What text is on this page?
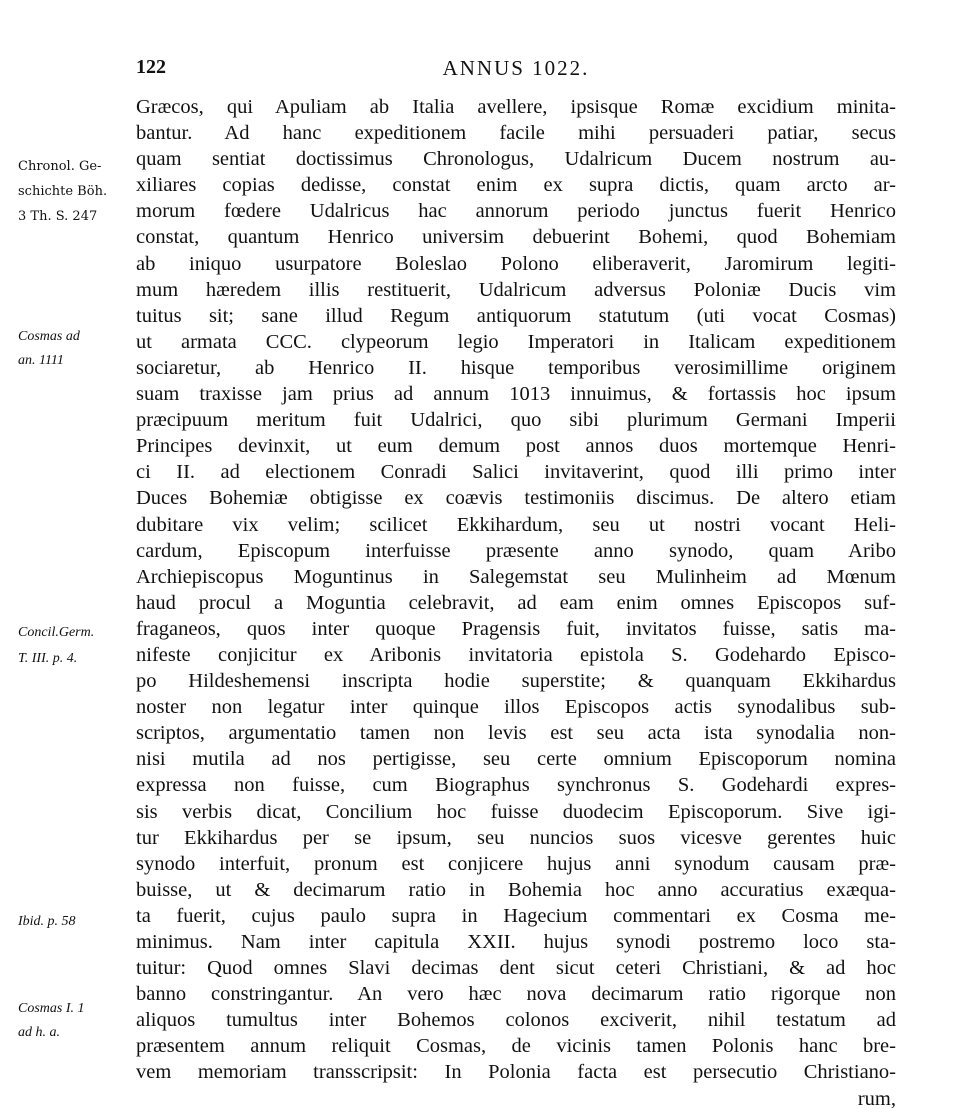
122	ANNUS 1022.
Chronol. Ge-
schichte Böh.
3 Th. S. 247
Cosmas ad
an. 1111
Concil.Germ.
T. III. p. 4.
Ibid. p. 58
Cosmas I. 1
ad h. a.
Græcos, qui Apuliam ab Italia avellere, ipsisque Romæ excidium minita-
bantur. Ad hanc expeditionem facile mihi persuaderi patiar, secus
quam sentiat doctissimus Chronologus, Udalricum Ducem nostrum au-
xiliares copias dedisse, constat enim ex supra dictis, quam arcto ar-
morum fœdere Udalricus hac annorum periodo junctus fuerit Henrico
constat, quantum Henrico universim debuerint Bohemi, quod Bohemiam
ab iniquo usurpatore Boleslao Polono eliberaverit, Jaromirum legiti-
mum hæredem illis restituerit, Udalricum adversus Poloniæ Ducis vim
tuitus sit; sane illud Regum antiquorum statutum (uti vocat Cosmas)
ut armata CCC. clypeorum legio Imperatori in Italicam expeditionem
sociaretur, ab Henrico II. hisque temporibus verosimillime originem
suam traxisse jam prius ad annum 1013 innuimus, & fortassis hoc ipsum
præcipuum meritum fuit Udalrici, quo sibi plurimum Germani Imperii
Principes devinxit, ut eum demum post annos duos mortemque Henri-
ci II. ad electionem Conradi Salici invitaverint, quod illi primo inter
Duces Bohemiæ obtigisse ex coævis testimoniis discimus. De altero etiam
dubitare vix velim; scilicet Ekkihardum, seu ut nostri vocant Heli-
cardum, Episcopum interfuisse præsente anno synodo, quam Aribo
Archiepiscopus Moguntinus in Salegemstat seu Mulinheim ad Mœnum
haud procul a Moguntia celebravit, ad eam enim omnes Episcopos suf-
fraganeos, quos inter quoque Pragensis fuit, invitatos fuisse, satis ma-
nifeste conjicitur ex Aribonis invitatoria epistola S. Godehardo Episco-
po Hildeshemensi inscripta hodie superstite; & quanquam Ekkihardus
noster non legatur inter quinque illos Episcopos actis synodalibus sub-
scriptos, argumentatio tamen non levis est seu acta ista synodalia non-
nisi mutila ad nos pertigisse, seu certe omnium Episcoporum nomina
expressa non fuisse, cum Biographus synchronus S. Godehardi expres-
sis verbis dicat, Concilium hoc fuisse duodecim Episcoporum. Sive igi-
tur Ekkihardus per se ipsum, seu nuncios suos vicesve gerentes huic
synodo interfuit, pronum est conjicere hujus anni synodum causam præ-
buisse, ut & decimarum ratio in Bohemia hoc anno accuratius exæqua-
ta fuerit, cujus paulo supra in Hagecium commentari ex Cosma me-
minimus. Nam inter capitula XXII. hujus synodi postremo loco sta-
tuitur: Quod omnes Slavi decimas dent sicut ceteri Christiani, & ad hoc
banno constringantur. An vero hæc nova decimarum ratio rigorque non
aliquos tumultus inter Bohemos colonos exciverit, nihil testatum ad
præsentem annum reliquit Cosmas, de vicinis tamen Polonis hanc bre-
vem memoriam transscripsit: In Polonia facta est persecutio Christiano-
rum,
